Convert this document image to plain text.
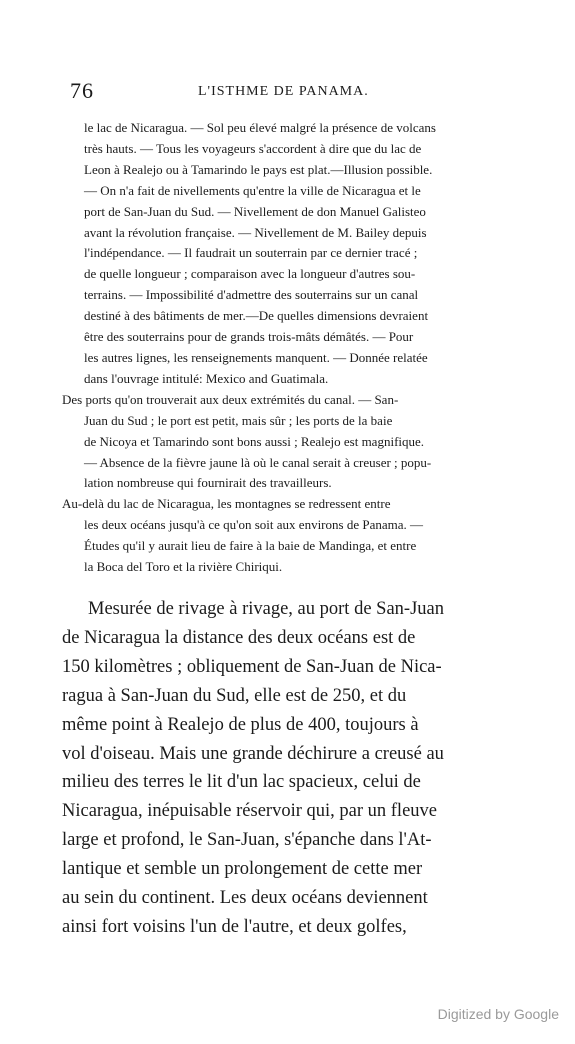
76	L'ISTHME DE PANAMA.
le lac de Nicaragua. — Sol peu élevé malgré la présence de volcans
très hauts. — Tous les voyageurs s'accordent à dire que du lac de
Leon à Realejo ou à Tamarindo le pays est plat.—Illusion possible.
— On n'a fait de nivellements qu'entre la ville de Nicaragua et le
port de San-Juan du Sud. — Nivellement de don Manuel Galisteo
avant la révolution française. — Nivellement de M. Bailey depuis
l'indépendance. — Il faudrait un souterrain par ce dernier tracé ;
de quelle longueur ; comparaison avec la longueur d'autres sou-
terrains. — Impossibilité d'admettre des souterrains sur un canal
destiné à des bâtiments de mer.—De quelles dimensions devraient
être des souterrains pour de grands trois-mâts démâtés. — Pour
les autres lignes, les renseignements manquent. — Donnée relatée
dans l'ouvrage intitulé: Mexico and Guatimala.
Des ports qu'on trouverait aux deux extrémités du canal. — San-
Juan du Sud ; le port est petit, mais sûr ; les ports de la baie
de Nicoya et Tamarindo sont bons aussi ; Realejo est magnifique.
— Absence de la fièvre jaune là où le canal serait à creuser ; popu-
lation nombreuse qui fournirait des travailleurs.
Au-delà du lac de Nicaragua, les montagnes se redressent entre
les deux océans jusqu'à ce qu'on soit aux environs de Panama. —
Études qu'il y aurait lieu de faire à la baie de Mandinga, et entre
la Boca del Toro et la rivière Chiriqui.
Mesurée de rivage à rivage, au port de San-Juan
de Nicaragua la distance des deux océans est de
150 kilomètres ; obliquement de San-Juan de Nica-
ragua à San-Juan du Sud, elle est de 250, et du
même point à Realejo de plus de 400, toujours à
vol d'oiseau. Mais une grande déchirure a creusé au
milieu des terres le lit d'un lac spacieux, celui de
Nicaragua, inépuisable réservoir qui, par un fleuve
large et profond, le San-Juan, s'épanche dans l'At-
lantique et semble un prolongement de cette mer
au sein du continent. Les deux océans deviennent
ainsi fort voisins l'un de l'autre, et deux golfes,
Digitized by Google
